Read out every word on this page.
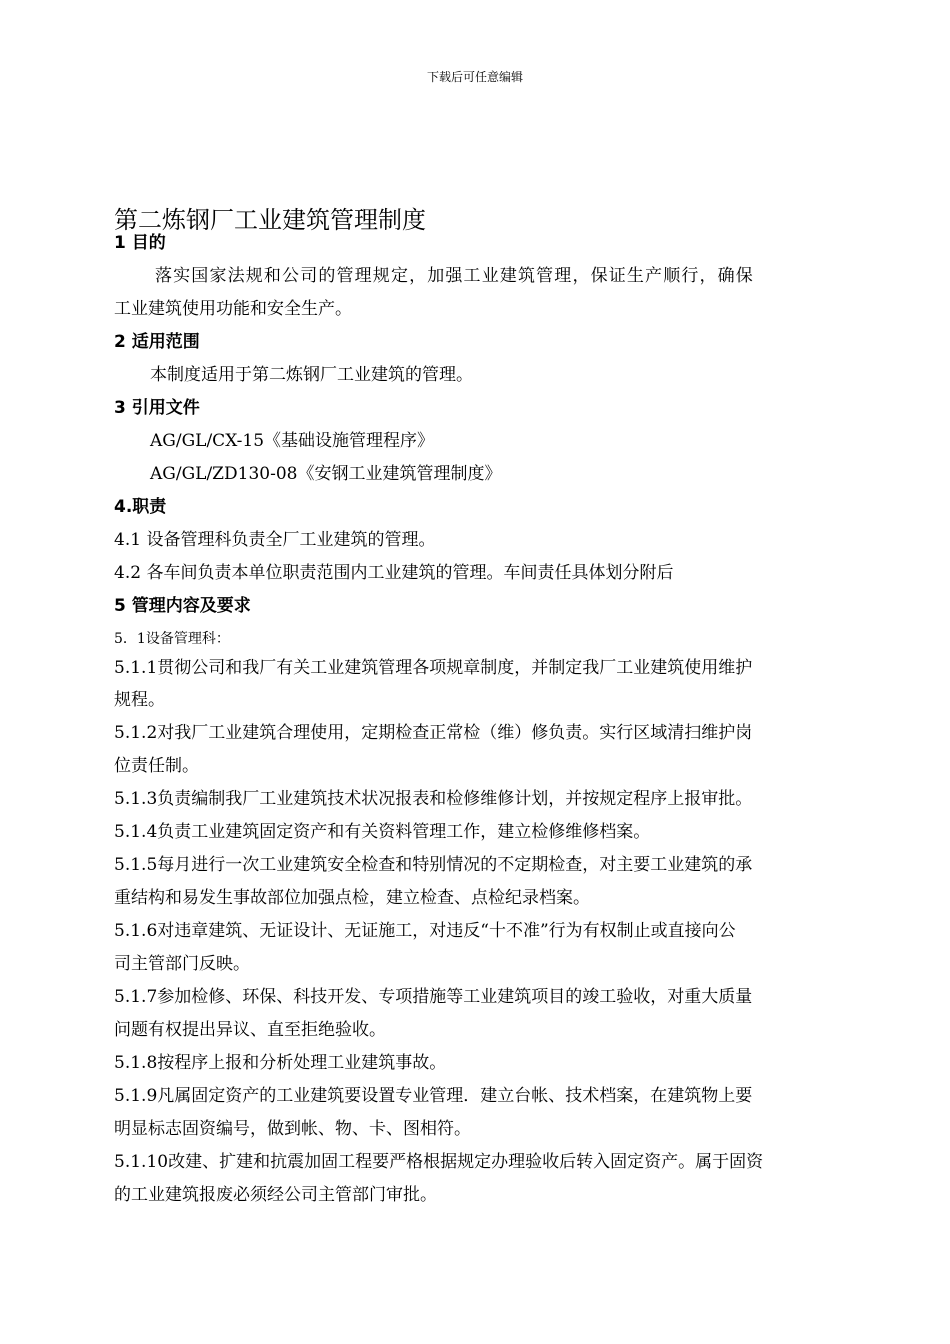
下载后可任意编辑
第二炼钢厂工业建筑管理制度
1 目的
落实国家法规和公司的管理规定，加强工业建筑管理，保证生产顺行，确保
工业建筑使用功能和安全生产。
2 适用范围
本制度适用于第二炼钢厂工业建筑的管理。
3 引用文件
AG/GL/CX-15《基础设施管理程序》
AG/GL/ZD130-08《安钢工业建筑管理制度》
4.职责
4.1 设备管理科负责全厂工业建筑的管理。
4.2 各车间负责本单位职责范围内工业建筑的管理。车间责任具体划分附后
5 管理内容及要求
5．1设备管理科：
5.1.1贯彻公司和我厂有关工业建筑管理各项规章制度，并制定我厂工业建筑使用维护
规程。
5.1.2对我厂工业建筑合理使用，定期检查正常检（维）修负责。实行区域清扫维护岗
位责任制。
5.1.3负责编制我厂工业建筑技术状况报表和检修维修计划，并按规定程序上报审批。
5.1.4负责工业建筑固定资产和有关资料管理工作，建立检修维修档案。
5.1.5每月进行一次工业建筑安全检查和特别情况的不定期检查，对主要工业建筑的承
重结构和易发生事故部位加强点检，建立检查、点检纪录档案。
5.1.6对违章建筑、无证设计、无证施工，对违反“十不准”行为有权制止或直接向公
司主管部门反映。
5.1.7参加检修、环保、科技开发、专项措施等工业建筑项目的竣工验收，对重大质量
问题有权提出异议、直至拒绝验收。
5.1.8按程序上报和分析处理工业建筑事故。
5.1.9凡属固定资产的工业建筑要设置专业管理．建立台帐、技术档案，在建筑物上要
明显标志固资编号，做到帐、物、卡、图相符。
5.1.10改建、扩建和抗震加固工程要严格根据规定办理验收后转入固定资产。属于固资
的工业建筑报废必须经公司主管部门审批。
